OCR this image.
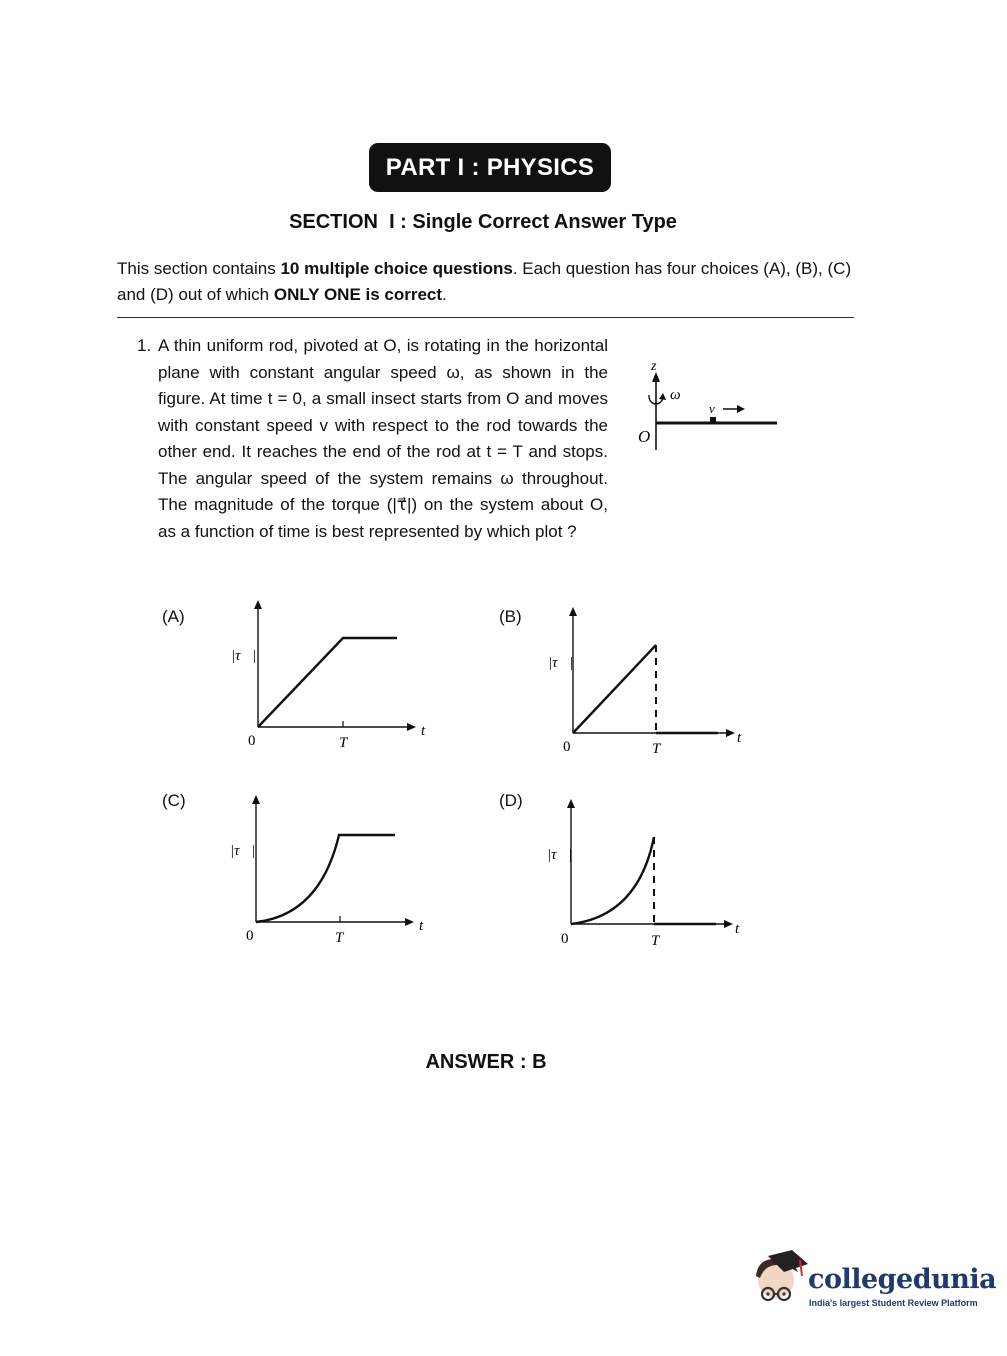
PART I : PHYSICS
SECTION  I : Single Correct Answer Type
This section contains 10 multiple choice questions. Each question has four choices (A), (B), (C) and (D) out of which ONLY ONE is correct.
1. A thin uniform rod, pivoted at O, is rotating in the horizontal plane with constant angular speed ω, as shown in the figure. At time t = 0, a small insect starts from O and moves with constant speed v with respect to the rod towards the other end. It reaches the end of the rod at t = T and stops. The angular speed of the system remains ω throughout. The magnitude of the torque (|τ⃗|) on the system about O, as a function of time is best represented by which plot ?
z
ω
v
O
(A)	(B)
(C)	(D)
|τ⃗|
0	T
t
|τ⃗|
0	T
t
|τ⃗|
0	T
t
|τ⃗|
0	T
t
ANSWER : B
collegedunia
India's largest Student Review Platform
